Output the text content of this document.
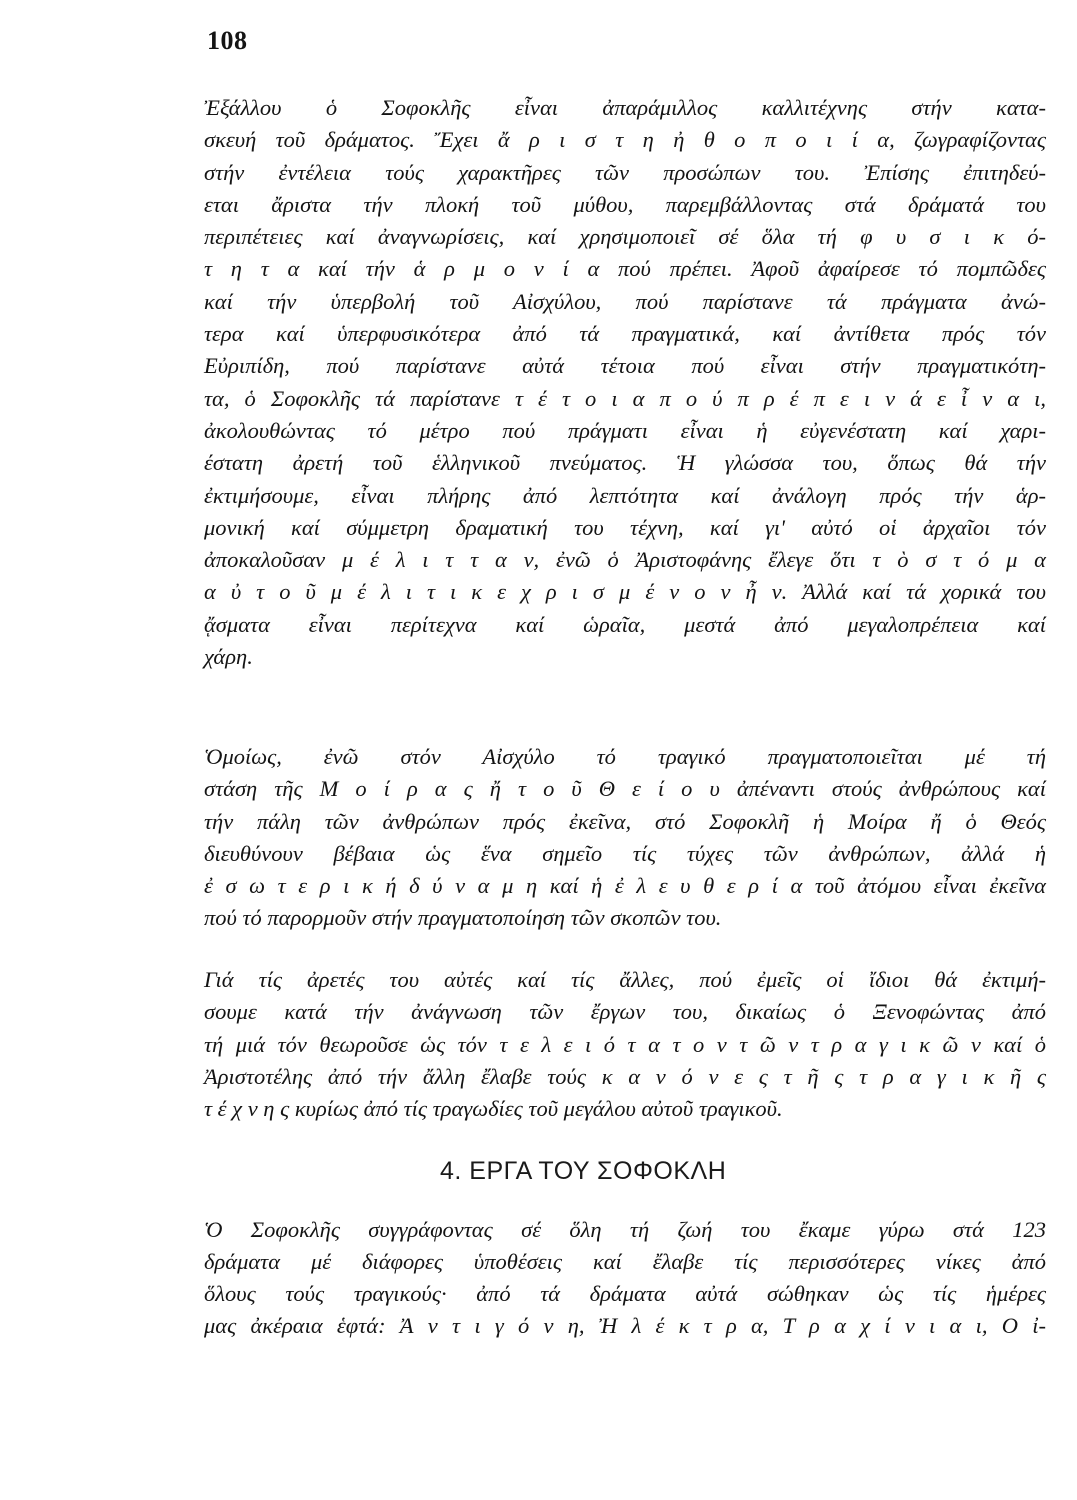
108
Ἐξάλλου ὁ Σοφοκλῆς εἶναι ἀπαράμιλλος καλλιτέχνης στήν κατα-
σκευή τοῦ δράματος. Ἔχει ἄ ρ ι σ τ η ἠ θ ο π ο ι ί α, ζωγραφίζοντας
στήν ἐντέλεια τούς χαρακτῆρες τῶν προσώπων του. Ἐπίσης ἐπιτηδεύ-
εται ἄριστα τήν πλοκή τοῦ μύθου, παρεμβάλλοντας στά δράματά του
περιπέτειες καί ἀναγνωρίσεις, καί χρησιμοποιεῖ σέ ὅλα τή φ υ σ ι κ ό-
τ η τ α καί τήν ἁ ρ μ ο ν ί α πού πρέπει. Ἀφοῦ ἀφαίρεσε τό πομπῶδες
καί τήν ὑπερβολή τοῦ Αἰσχύλου, πού παρίστανε τά πράγματα ἀνώ-
τερα καί ὑπερφυσικότερα ἀπό τά πραγματικά, καί ἀντίθετα πρός τόν
Εὐριπίδη, πού παρίστανε αὐτά τέτοια πού εἶναι στήν πραγματικότη-
τα, ὁ Σοφοκλῆς τά παρίστανε τ έ τ ο ι α π ο ύ π ρ έ π ε ι ν ά ε ἶ ν α ι,
ἀκολουθώντας τό μέτρο πού πράγματι εἶναι ἡ εὐγενέστατη καί χαρι-
έστατη ἀρετή τοῦ ἑλληνικοῦ πνεύματος. Ἡ γλώσσα του, ὅπως θά τήν
ἐκτιμήσουμε, εἶναι πλήρης ἀπό λεπτότητα καί ἀνάλογη πρός τήν ἁρ-
μονική καί σύμμετρη δραματική του τέχνη, καί γι' αὐτό οἱ ἀρχαῖοι τόν
ἀποκαλοῦσαν μ έ λ ι τ τ α ν, ἐνῶ ὁ Ἀριστοφάνης ἔλεγε ὅτι τ ὸ σ τ ό μ α
α ὐ τ ο ῦ μ έ λ ι τ ι κ ε χ ρ ι σ μ έ ν ο ν ἦ ν. Ἀλλά καί τά χορικά του
ᾄσματα εἶναι περίτεχνα καί ὡραῖα, μεστά ἀπό μεγαλοπρέπεια καί
χάρη.
Ὁμοίως, ἐνῶ στόν Αἰσχύλο τό τραγικό πραγματοποιεῖται μέ τή
στάση τῆς Μ ο ί ρ α ς ἤ τ ο ῦ Θ ε ί ο υ ἀπέναντι στούς ἀνθρώπους καί
τήν πάλη τῶν ἀνθρώπων πρός ἐκεῖνα, στό Σοφοκλῆ ἡ Μοίρα ἤ ὁ Θεός
διευθύνουν βέβαια ὡς ἕνα σημεῖο τίς τύχες τῶν ἀνθρώπων, ἀλλά ἡ
ἐ σ ω τ ε ρ ι κ ή δ ύ ν α μ η καί ἡ ἐ λ ε υ θ ε ρ ί α τοῦ ἀτόμου εἶναι ἐκεῖνα
πού τό παρορμοῦν στήν πραγματοποίηση τῶν σκοπῶν του.
Γιά τίς ἀρετές του αὐτές καί τίς ἄλλες, πού ἐμεῖς οἱ ἴδιοι θά ἐκτιμή-
σουμε κατά τήν ἀνάγνωση τῶν ἔργων του, δικαίως ὁ Ξενοφώντας ἀπό
τή μιά τόν θεωροῦσε ὡς τόν τ ε λ ε ι ό τ α τ ο ν τ ῶ ν τ ρ α γ ι κ ῶ ν καί ὁ
Ἀριστοτέλης ἀπό τήν ἄλλη ἔλαβε τούς κ α ν ό ν ε ς τ ῆ ς τ ρ α γ ι κ ῆ ς
τ έ χ ν η ς κυρίως ἀπό τίς τραγωδίες τοῦ μεγάλου αὐτοῦ τραγικοῦ.
4. ΕΡΓΑ ΤΟΥ ΣΟΦΟΚΛΗ
Ὁ Σοφοκλῆς συγγράφοντας σέ ὅλη τή ζωή του ἔκαμε γύρω στά 123
δράματα μέ διάφορες ὑποθέσεις καί ἔλαβε τίς περισσότερες νίκες ἀπό
ὅλους τούς τραγικούς· ἀπό τά δράματα αὐτά σώθηκαν ὡς τίς ἡμέρες
μας ἀκέραια ἑφτά: Ἀ ν τ ι γ ό ν η, Ἠ λ έ κ τ ρ α, Τ ρ α χ ί ν ι α ι, Ο ἰ-
